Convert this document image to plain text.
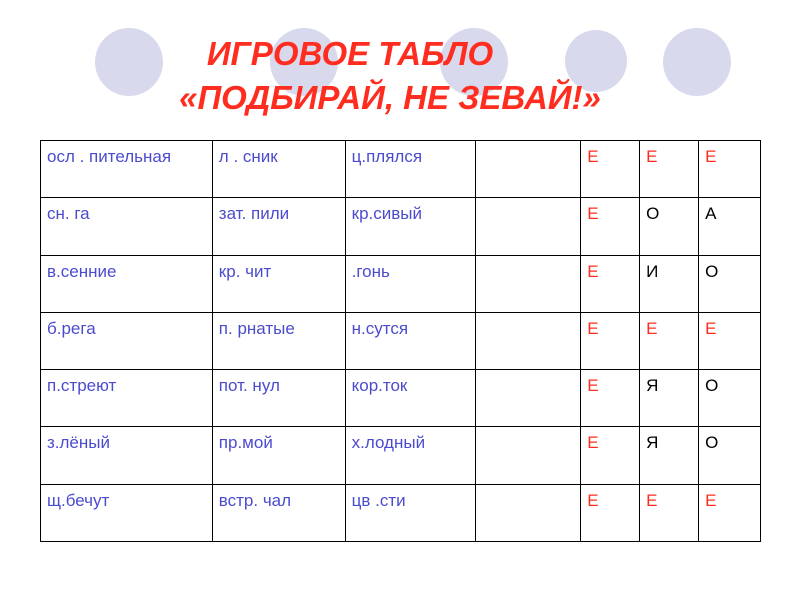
ИГРОВОЕ ТАБЛО
«ПОДБИРАЙ, НЕ ЗЕВАЙ!»
осл . пительная	л . сник	ц.плялся		Е	Е	Е
сн. га	зат. пили	кр.сивый		Е	О	А
в.сенние	кр. чит	.гонь		Е	И	О
б.рега	п. рнатые	н.сутся		Е	Е	Е
п.стреют	пот. нул	кор.ток		Е	Я	О
з.лёный	пр.мой	х.лодный		Е	Я	О
щ.бечут	встр. чал	цв .сти		Е	Е	Е
